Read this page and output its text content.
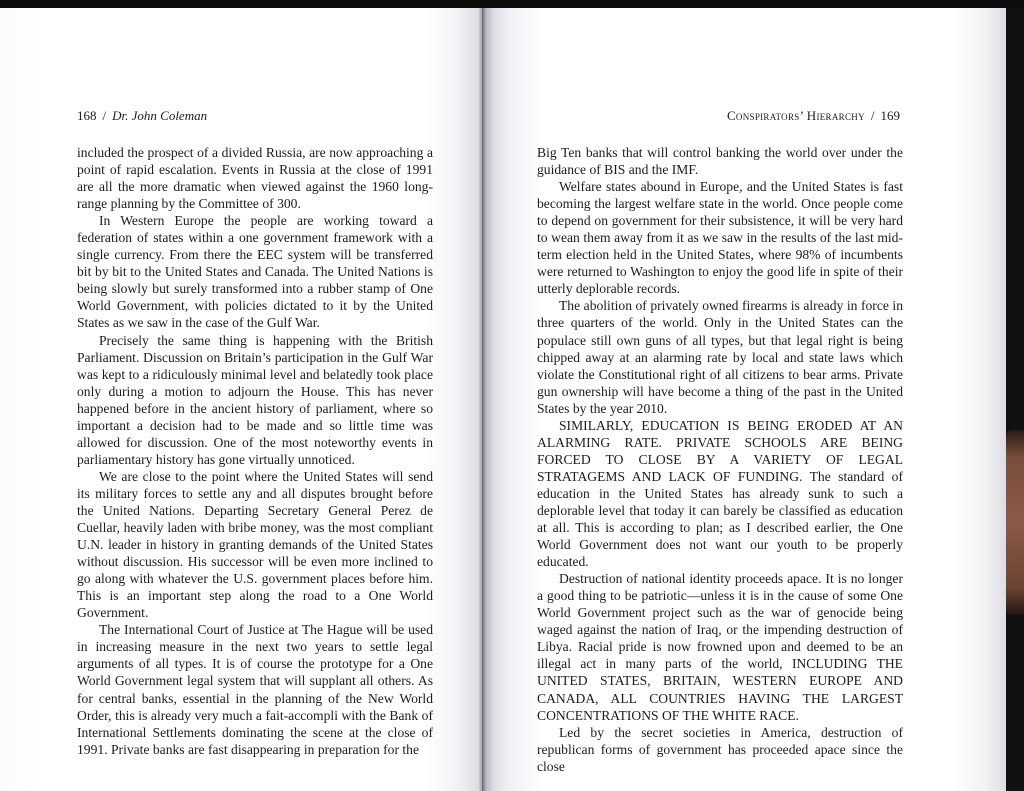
168 / Dr. John Coleman

included the prospect of a divided Russia, are now approaching a point of rapid escalation. Events in Russia at the close of 1991 are all the more dramatic when viewed against the 1960 long-range planning by the Committee of 300.

In Western Europe the people are working toward a federation of states within a one government framework with a single currency. From there the EEC system will be transferred bit by bit to the United States and Canada. The United Nations is being slowly but surely transformed into a rubber stamp of One World Government, with policies dictated to it by the United States as we saw in the case of the Gulf War.

Precisely the same thing is happening with the British Parliament. Discussion on Britain’s participation in the Gulf War was kept to a ridiculously minimal level and belatedly took place only during a motion to adjourn the House. This has never happened before in the ancient history of parliament, where so important a decision had to be made and so little time was allowed for discussion. One of the most noteworthy events in parliamentary history has gone virtually unnoticed.

We are close to the point where the United States will send its military forces to settle any and all disputes brought before the United Nations. Departing Secretary General Perez de Cuellar, heavily laden with bribe money, was the most compliant U.N. leader in history in granting demands of the United States without discussion. His successor will be even more inclined to go along with whatever the U.S. government places before him. This is an important step along the road to a One World Government.

The International Court of Justice at The Hague will be used in increasing measure in the next two years to settle legal arguments of all types. It is of course the prototype for a One World Government legal system that will supplant all others. As for central banks, essential in the planning of the New World Order, this is already very much a fait-accompli with the Bank of International Settlements dominating the scene at the close of 1991. Private banks are fast disappearing in preparation for the

Conspirators’ Hierarchy / 169

Big Ten banks that will control banking the world over under the guidance of BIS and the IMF.

Welfare states abound in Europe, and the United States is fast becoming the largest welfare state in the world. Once people come to depend on government for their subsistence, it will be very hard to wean them away from it as we saw in the results of the last mid-term election held in the United States, where 98% of incumbents were returned to Washington to enjoy the good life in spite of their utterly deplorable records.

The abolition of privately owned firearms is already in force in three quarters of the world. Only in the United States can the populace still own guns of all types, but that legal right is being chipped away at an alarming rate by local and state laws which violate the Constitutional right of all citizens to bear arms. Private gun ownership will have become a thing of the past in the United States by the year 2010.

SIMILARLY, EDUCATION IS BEING ERODED AT AN ALARMING RATE. PRIVATE SCHOOLS ARE BEING FORCED TO CLOSE BY A VARIETY OF LEGAL STRATAGEMS AND LACK OF FUNDING. The standard of education in the United States has already sunk to such a deplorable level that today it can barely be classified as education at all. This is according to plan; as I described earlier, the One World Government does not want our youth to be properly educated.

Destruction of national identity proceeds apace. It is no longer a good thing to be patriotic—unless it is in the cause of some One World Government project such as the war of genocide being waged against the nation of Iraq, or the impending destruction of Libya. Racial pride is now frowned upon and deemed to be an illegal act in many parts of the world, INCLUDING THE UNITED STATES, BRITAIN, WESTERN EUROPE AND CANADA, ALL COUNTRIES HAVING THE LARGEST CONCENTRATIONS OF THE WHITE RACE.

Led by the secret societies in America, destruction of republican forms of government has proceeded apace since the close
